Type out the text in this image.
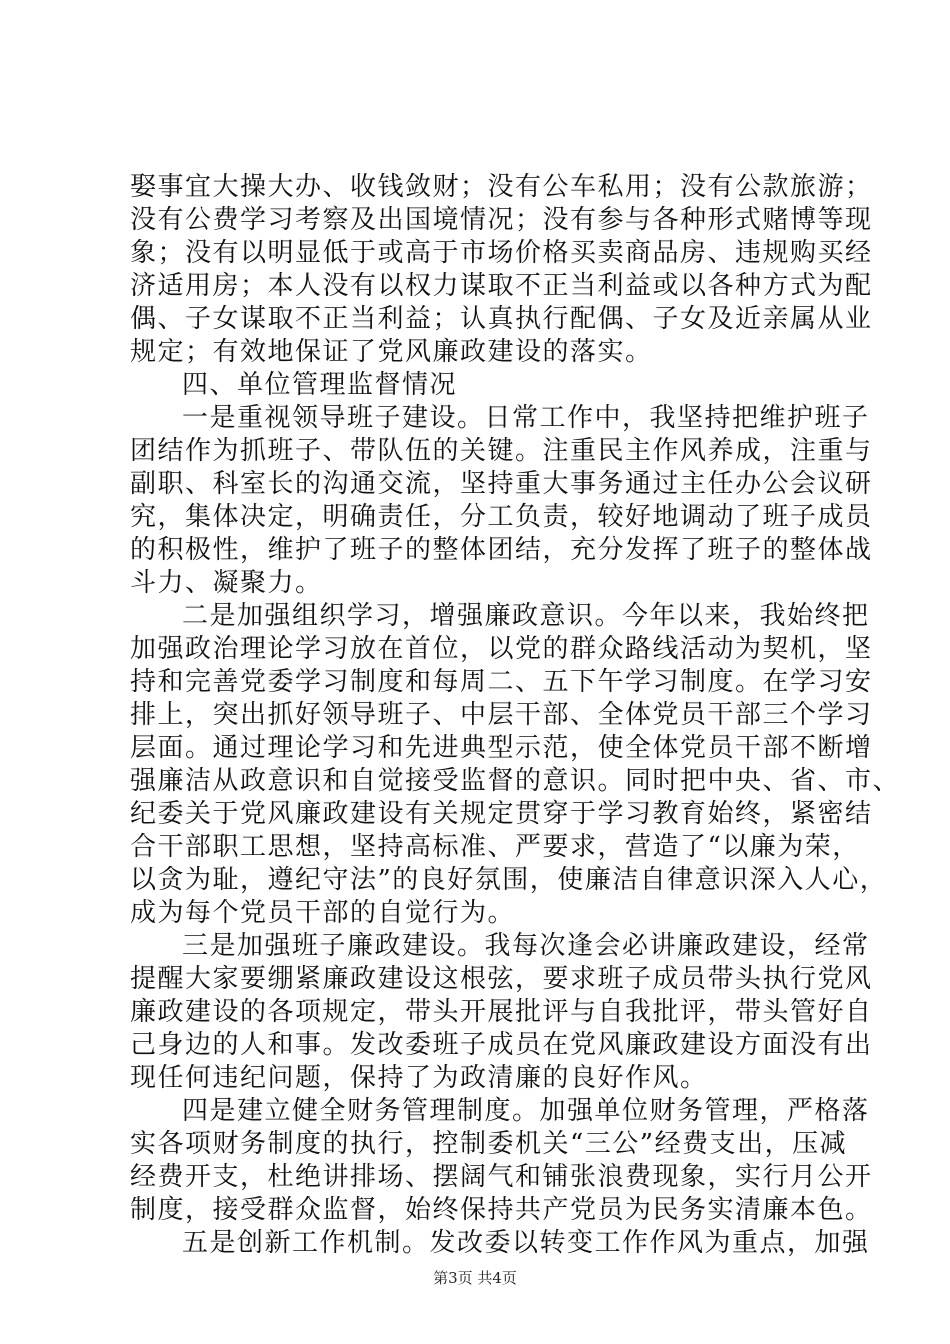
娶事宜大操大办、收钱敛财；没有公车私用；没有公款旅游；
没有公费学习考察及出国境情况；没有参与各种形式赌博等现
象；没有以明显低于或高于市场价格买卖商品房、违规购买经
济适用房；本人没有以权力谋取不正当利益或以各种方式为配
偶、子女谋取不正当利益；认真执行配偶、子女及近亲属从业
规定；有效地保证了党风廉政建设的落实。
四、单位管理监督情况
一是重视领导班子建设。日常工作中，我坚持把维护班子
团结作为抓班子、带队伍的关键。注重民主作风养成，注重与
副职、科室长的沟通交流，坚持重大事务通过主任办公会议研
究，集体决定，明确责任，分工负责，较好地调动了班子成员
的积极性，维护了班子的整体团结，充分发挥了班子的整体战
斗力、凝聚力。
二是加强组织学习，增强廉政意识。今年以来，我始终把
加强政治理论学习放在首位，以党的群众路线活动为契机，坚
持和完善党委学习制度和每周二、五下午学习制度。在学习安
排上，突出抓好领导班子、中层干部、全体党员干部三个学习
层面。通过理论学习和先进典型示范，使全体党员干部不断增
强廉洁从政意识和自觉接受监督的意识。同时把中央、省、市、
纪委关于党风廉政建设有关规定贯穿于学习教育始终，紧密结
合干部职工思想，坚持高标准、严要求，营造了“以廉为荣，
以贪为耻，遵纪守法”的良好氛围，使廉洁自律意识深入人心，
成为每个党员干部的自觉行为。
三是加强班子廉政建设。我每次逢会必讲廉政建设，经常
提醒大家要绷紧廉政建设这根弦，要求班子成员带头执行党风
廉政建设的各项规定，带头开展批评与自我批评，带头管好自
己身边的人和事。发改委班子成员在党风廉政建设方面没有出
现任何违纪问题，保持了为政清廉的良好作风。
四是建立健全财务管理制度。加强单位财务管理，严格落
实各项财务制度的执行，控制委机关“三公”经费支出，压减
经费开支，杜绝讲排场、摆阔气和铺张浪费现象，实行月公开
制度，接受群众监督，始终保持共产党员为民务实清廉本色。
五是创新工作机制。发改委以转变工作作风为重点，加强
第3页 共4页
